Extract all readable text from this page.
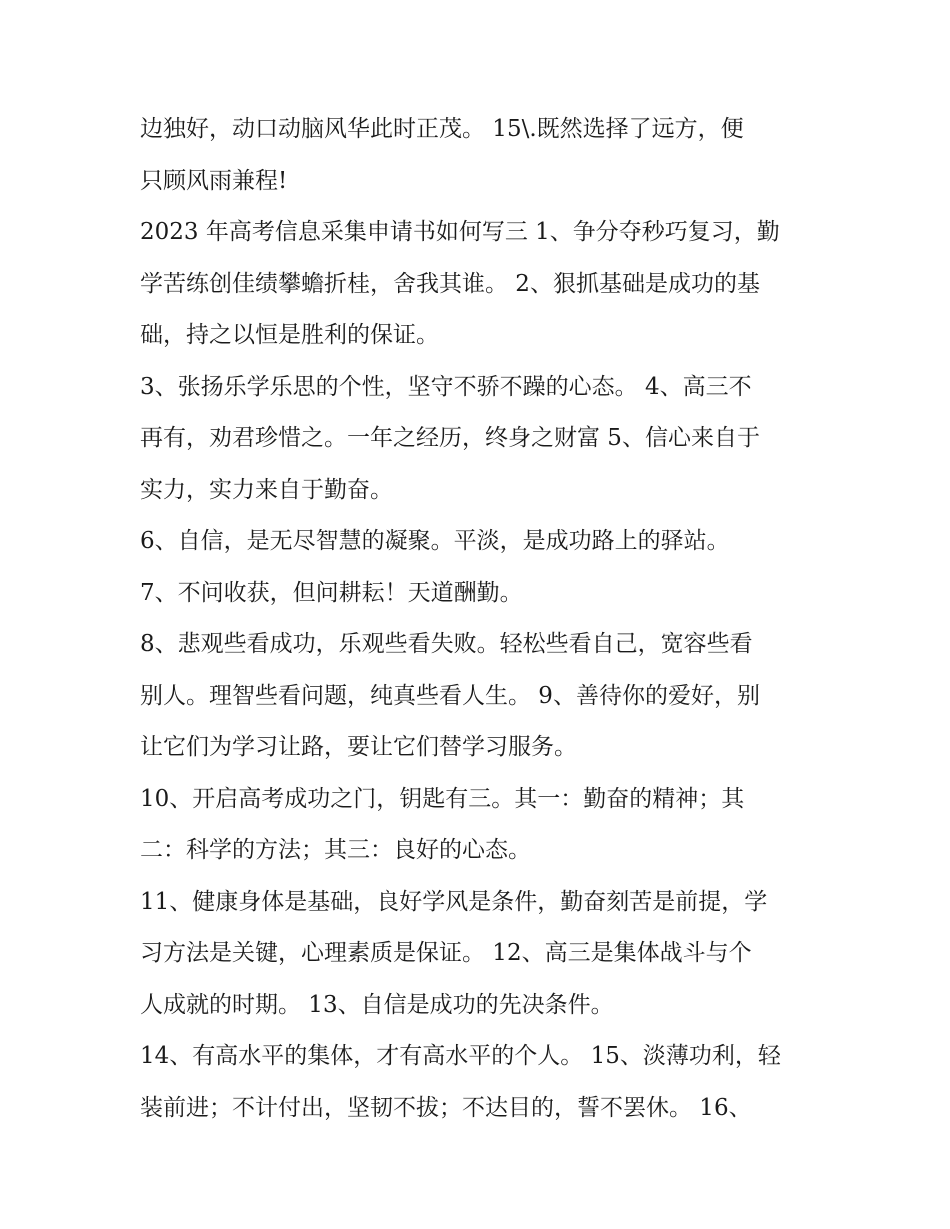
边独好，动口动脑风华此时正茂。 15\.既然选择了远方，便
只顾风雨兼程!
2023 年高考信息采集申请书如何写三 1、争分夺秒巧复习，勤
学苦练创佳绩攀蟾折桂，舍我其谁。 2、狠抓基础是成功的基
础，持之以恒是胜利的保证。
3、张扬乐学乐思的个性，坚守不骄不躁的心态。 4、高三不
再有，劝君珍惜之。一年之经历，终身之财富 5、信心来自于
实力，实力来自于勤奋。
6、自信，是无尽智慧的凝聚。平淡，是成功路上的驿站。
7、不问收获，但问耕耘！天道酬勤。
8、悲观些看成功，乐观些看失败。轻松些看自己，宽容些看
别人。理智些看问题，纯真些看人生。 9、善待你的爱好，别
让它们为学习让路，要让它们替学习服务。
10、开启高考成功之门，钥匙有三。其一：勤奋的精神；其
二：科学的方法；其三：良好的心态。
11、健康身体是基础，良好学风是条件，勤奋刻苦是前提，学
习方法是关键，心理素质是保证。 12、高三是集体战斗与个
人成就的时期。 13、自信是成功的先决条件。
14、有高水平的集体，才有高水平的个人。 15、淡薄功利，轻
装前进；不计付出，坚韧不拔；不达目的，誓不罢休。 16、
